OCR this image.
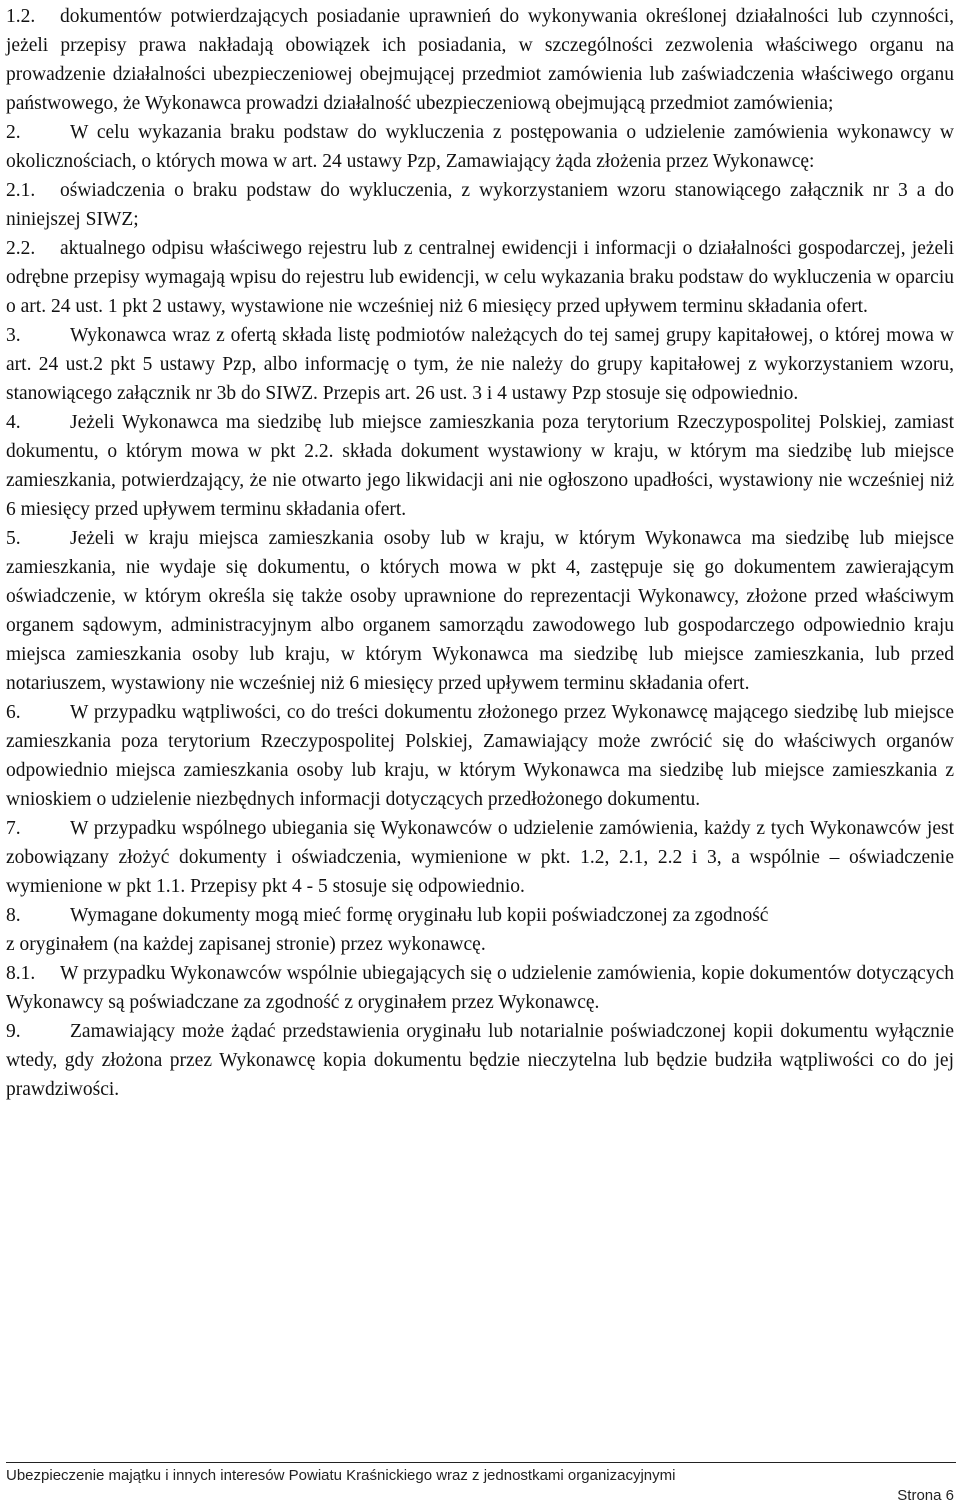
1.2. dokumentów potwierdzających posiadanie uprawnień do wykonywania określonej działalności lub czynności, jeżeli przepisy prawa nakładają obowiązek ich posiadania, w szczególności zezwolenia właściwego organu na prowadzenie działalności ubezpieczeniowej obejmującej przedmiot zamówienia lub zaświadczenia właściwego organu państwowego, że Wykonawca prowadzi działalność ubezpieczeniową obejmującą przedmiot zamówienia;

2.	W celu wykazania braku podstaw do wykluczenia z postępowania o udzielenie zamówienia wykonawcy w okolicznościach, o których mowa w art. 24 ustawy Pzp, Zamawiający żąda złożenia przez Wykonawcę:

2.1. oświadczenia o braku podstaw do wykluczenia, z wykorzystaniem wzoru stanowiącego załącznik nr 3 a do niniejszej SIWZ;

2.2. aktualnego odpisu właściwego rejestru lub z centralnej ewidencji i informacji o działalności gospodarczej, jeżeli odrębne przepisy wymagają wpisu do rejestru lub ewidencji, w celu wykazania braku podstaw do wykluczenia w oparciu o art. 24 ust. 1 pkt 2 ustawy, wystawione nie wcześniej niż 6 miesięcy przed upływem terminu składania ofert.

3.	Wykonawca wraz z ofertą składa listę podmiotów należących do tej samej grupy kapitałowej, o której mowa w art. 24 ust.2 pkt 5 ustawy Pzp, albo informację o tym, że nie należy do grupy kapitałowej z wykorzystaniem wzoru, stanowiącego załącznik nr 3b do SIWZ. Przepis art. 26 ust. 3 i 4 ustawy Pzp stosuje się odpowiednio.

4.	Jeżeli Wykonawca ma siedzibę lub miejsce zamieszkania poza terytorium Rzeczypospolitej Polskiej, zamiast dokumentu, o którym mowa w pkt 2.2. składa dokument wystawiony w kraju, w którym ma siedzibę lub miejsce zamieszkania, potwierdzający, że nie otwarto jego likwidacji ani nie ogłoszono upadłości, wystawiony nie wcześniej niż 6 miesięcy przed upływem terminu składania ofert.

5.	Jeżeli w kraju miejsca zamieszkania osoby lub w kraju, w którym Wykonawca ma siedzibę lub miejsce zamieszkania, nie wydaje się dokumentu, o których mowa w pkt 4, zastępuje się go dokumentem zawierającym oświadczenie, w którym określa się także osoby uprawnione do reprezentacji Wykonawcy, złożone przed właściwym organem sądowym, administracyjnym albo organem samorządu zawodowego lub gospodarczego odpowiednio kraju miejsca zamieszkania osoby lub kraju, w którym Wykonawca ma siedzibę lub miejsce zamieszkania, lub przed notariuszem, wystawiony nie wcześniej niż 6 miesięcy przed upływem terminu składania ofert.

6.	W przypadku wątpliwości, co do treści dokumentu złożonego przez Wykonawcę mającego siedzibę lub miejsce zamieszkania poza terytorium Rzeczypospolitej Polskiej, Zamawiający może zwrócić się do właściwych organów odpowiednio miejsca zamieszkania osoby lub kraju, w którym Wykonawca ma siedzibę lub miejsce zamieszkania z wnioskiem o udzielenie niezbędnych informacji dotyczących przedłożonego dokumentu.

7.	W przypadku wspólnego ubiegania się Wykonawców o udzielenie zamówienia, każdy z tych Wykonawców jest zobowiązany złożyć dokumenty i oświadczenia, wymienione w pkt. 1.2, 2.1, 2.2 i 3, a wspólnie – oświadczenie wymienione w pkt 1.1. Przepisy pkt 4 - 5 stosuje się odpowiednio.

8.	Wymagane dokumenty mogą mieć formę oryginału lub kopii poświadczonej za zgodność

z oryginałem (na każdej zapisanej stronie) przez wykonawcę.

8.1. W przypadku Wykonawców wspólnie ubiegających się o udzielenie zamówienia, kopie dokumentów dotyczących Wykonawcy są poświadczane za zgodność z oryginałem przez Wykonawcę.

9.	Zamawiający może żądać przedstawienia oryginału lub notarialnie poświadczonej kopii dokumentu wyłącznie wtedy, gdy złożona przez Wykonawcę kopia dokumentu będzie nieczytelna lub będzie budziła wątpliwości co do jej prawdziwości.

Ubezpieczenie majątku i innych interesów Powiatu Kraśnickiego wraz z jednostkami organizacyjnymi
Strona 6
